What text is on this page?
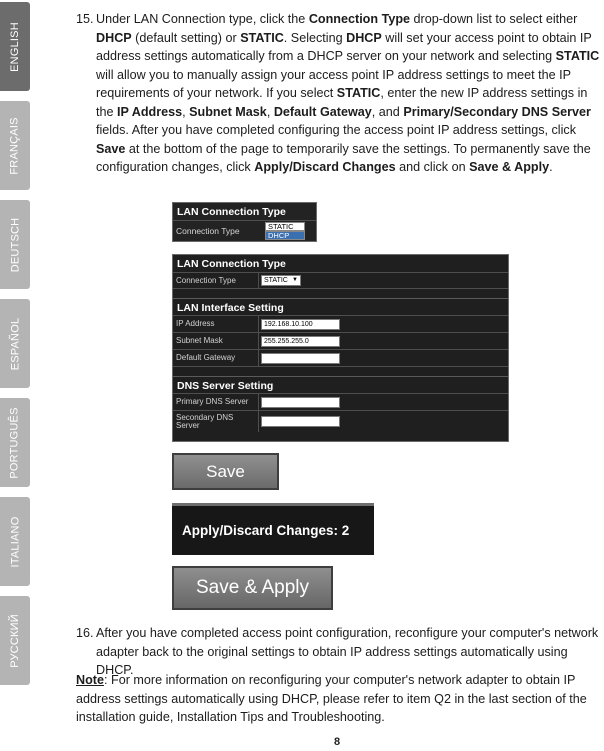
ENGLISH
FRANÇAIS
DEUTSCH
ESPAÑOL
PORTUGUÊS
ITALIANO
РУССКИЙ
15. Under LAN Connection type, click the Connection Type drop-down list to select either DHCP (default setting) or STATIC. Selecting DHCP will set your access point to obtain IP address settings automatically from a DHCP server on your network and selecting STATIC will allow you to manually assign your access point IP address settings to meet the IP requirements of your network. If you select STATIC, enter the new IP address settings in the IP Address, Subnet Mask, Default Gateway, and Primary/Secondary DNS Server fields. After you have completed configuring the access point IP address settings, click Save at the bottom of the page to temporarily save the settings. To permanently save the configuration changes, click Apply/Discard Changes and click on Save & Apply.
LAN Connection Type
Connection Type	STATIC
DHCP
LAN Connection Type
Connection Type	STATIC ▼
LAN Interface Setting
IP Address	192.168.10.100
Subnet Mask	255.255.255.0
Default Gateway
DNS Server Setting
Primary DNS Server
Secondary DNS Server
Save
Apply/Discard Changes: 2
Save & Apply
16. After you have completed access point configuration, reconfigure your computer's network adapter back to the original settings to obtain IP address settings automatically using DHCP.
Note: For more information on reconfiguring your computer's network adapter to obtain IP address settings automatically using DHCP, please refer to item Q2 in the last section of the installation guide, Installation Tips and Troubleshooting.
8
